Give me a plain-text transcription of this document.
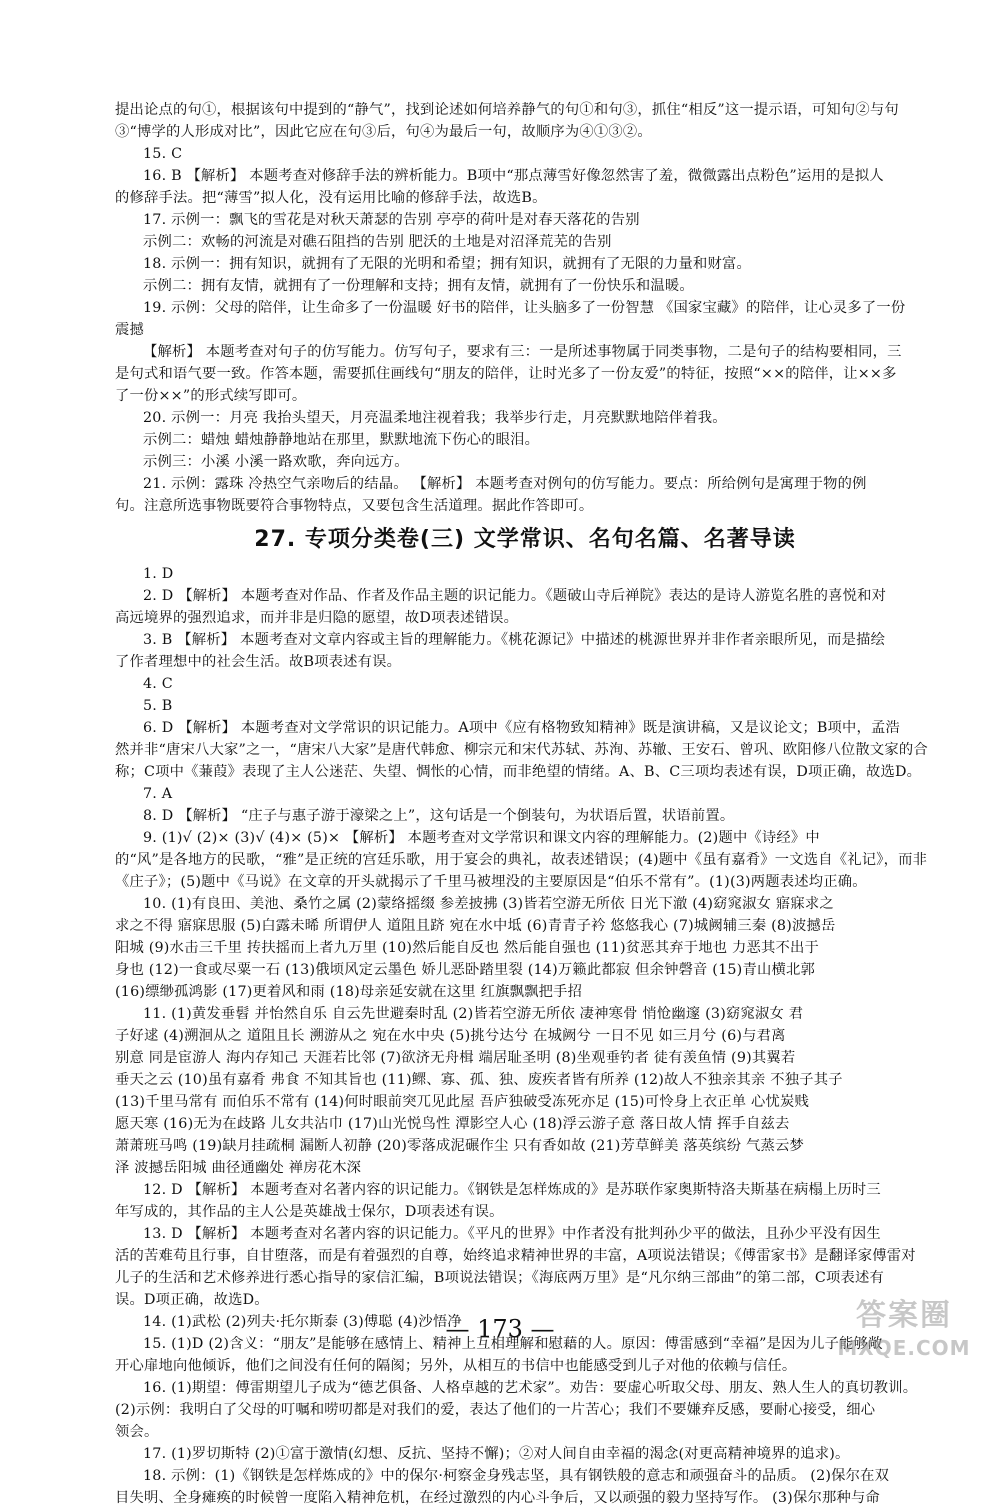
提出论点的句①，根据该句中提到的“静气”，找到论述如何培养静气的句①和句③，抓住“相反”这一提示语，可知句②与句
③“博学的人形成对比”，因此它应在句③后，句④为最后一句，故顺序为④①③②。
15. C
16. B 【解析】 本题考查对修辞手法的辨析能力。B项中“那点薄雪好像忽然害了羞，微微露出点粉色”运用的是拟人
的修辞手法。把“薄雪”拟人化，没有运用比喻的修辞手法，故选B。
17. 示例一：飘飞的雪花是对秋天萧瑟的告别 亭亭的荷叶是对春天落花的告别
示例二：欢畅的河流是对礁石阻挡的告别 肥沃的土地是对沼泽荒芜的告别
18. 示例一：拥有知识，就拥有了无限的光明和希望；拥有知识，就拥有了无限的力量和财富。
示例二：拥有友情，就拥有了一份理解和支持；拥有友情，就拥有了一份快乐和温暖。
19. 示例：父母的陪伴，让生命多了一份温暖 好书的陪伴，让头脑多了一份智慧 《国家宝藏》的陪伴，让心灵多了一份
震撼
【解析】 本题考查对句子的仿写能力。仿写句子，要求有三：一是所述事物属于同类事物，二是句子的结构要相同，三
是句式和语气要一致。作答本题，需要抓住画线句“朋友的陪伴，让时光多了一份友爱”的特征，按照“××的陪伴，让××多
了一份××”的形式续写即可。
20. 示例一：月亮 我抬头望天，月亮温柔地注视着我；我举步行走，月亮默默地陪伴着我。
示例二：蜡烛 蜡烛静静地站在那里，默默地流下伤心的眼泪。
示例三：小溪 小溪一路欢歌，奔向远方。
21. 示例：露珠 冷热空气亲吻后的结晶。 【解析】 本题考查对例句的仿写能力。要点：所给例句是寓理于物的例
句。注意所选事物既要符合事物特点，又要包含生活道理。据此作答即可。
27. 专项分类卷(三) 文学常识、名句名篇、名著导读
1. D
2. D 【解析】 本题考查对作品、作者及作品主题的识记能力。《题破山寺后禅院》表达的是诗人游览名胜的喜悦和对
高远境界的强烈追求，而并非是归隐的愿望，故D项表述错误。
3. B 【解析】 本题考查对文章内容或主旨的理解能力。《桃花源记》中描述的桃源世界并非作者亲眼所见，而是描绘
了作者理想中的社会生活。故B项表述有误。
4. C
5. B
6. D 【解析】 本题考查对文学常识的识记能力。A项中《应有格物致知精神》既是演讲稿，又是议论文；B项中，孟浩
然并非“唐宋八大家”之一，“唐宋八大家”是唐代韩愈、柳宗元和宋代苏轼、苏洵、苏辙、王安石、曾巩、欧阳修八位散文家的合
称；C项中《蒹葭》表现了主人公迷茫、失望、惆怅的心情，而非绝望的情绪。A、B、C三项均表述有误，D项正确，故选D。
7. A
8. D 【解析】 “庄子与惠子游于濠梁之上”，这句话是一个倒装句，为状语后置，状语前置。
9. (1)√ (2)× (3)√ (4)× (5)× 【解析】 本题考查对文学常识和课文内容的理解能力。(2)题中《诗经》中
的“风”是各地方的民歌，“雅”是正统的宫廷乐歌，用于宴会的典礼，故表述错误；(4)题中《虽有嘉肴》一文选自《礼记》，而非
《庄子》；(5)题中《马说》在文章的开头就揭示了千里马被埋没的主要原因是“伯乐不常有”。(1)(3)两题表述均正确。
10. (1)有良田、美池、桑竹之属 (2)蒙络摇缀 参差披拂 (3)皆若空游无所依 日光下澈 (4)窈窕淑女 寤寐求之
求之不得 寤寐思服 (5)白露未晞 所谓伊人 道阻且跻 宛在水中坻 (6)青青子衿 悠悠我心 (7)城阙辅三秦 (8)波撼岳
阳城 (9)水击三千里 抟扶摇而上者九万里 (10)然后能自反也 然后能自强也 (11)贫恶其弃于地也 力恶其不出于
身也 (12)一食或尽粟一石 (13)俄顷风定云墨色 娇儿恶卧踏里裂 (14)万籁此都寂 但余钟磬音 (15)青山横北郭
(16)缥缈孤鸿影 (17)更着风和雨 (18)母亲延安就在这里 红旗飘飘把手招
11. (1)黄发垂髫 并怡然自乐 自云先世避秦时乱 (2)皆若空游无所依 凄神寒骨 悄怆幽邃 (3)窈窕淑女 君
子好逑 (4)溯洄从之 道阻且长 溯游从之 宛在水中央 (5)挑兮达兮 在城阙兮 一日不见 如三月兮 (6)与君离
别意 同是宦游人 海内存知己 天涯若比邻 (7)欲济无舟楫 端居耻圣明 (8)坐观垂钓者 徒有羡鱼情 (9)其翼若
垂天之云 (10)虽有嘉肴 弗食 不知其旨也 (11)鳏、寡、孤、独、废疾者皆有所养 (12)故人不独亲其亲 不独子其子
(13)千里马常有 而伯乐不常有 (14)何时眼前突兀见此屋 吾庐独破受冻死亦足 (15)可怜身上衣正单 心忧炭贱
愿天寒 (16)无为在歧路 儿女共沾巾 (17)山光悦鸟性 潭影空人心 (18)浮云游子意 落日故人情 挥手自兹去
萧萧班马鸣 (19)缺月挂疏桐 漏断人初静 (20)零落成泥碾作尘 只有香如故 (21)芳草鲜美 落英缤纷 气蒸云梦
泽 波撼岳阳城 曲径通幽处 禅房花木深
12. D 【解析】 本题考查对名著内容的识记能力。《钢铁是怎样炼成的》是苏联作家奥斯特洛夫斯基在病榻上历时三
年写成的，其作品的主人公是英雄战士保尔，D项表述有误。
13. D 【解析】 本题考查对名著内容的识记能力。《平凡的世界》中作者没有批判孙少平的做法，且孙少平没有因生
活的苦难苟且行事，自甘堕落，而是有着强烈的自尊，始终追求精神世界的丰富，A项说法错误；《傅雷家书》是翻译家傅雷对
儿子的生活和艺术修养进行悉心指导的家信汇编，B项说法错误；《海底两万里》是“凡尔纳三部曲”的第二部，C项表述有
误。D项正确，故选D。
14. (1)武松 (2)列夫·托尔斯泰 (3)傅聪 (4)沙悟净
15. (1)D (2)含义：“朋友”是能够在感情上、精神上互相理解和慰藉的人。原因：傅雷感到“幸福”是因为儿子能够敞
开心扉地向他倾诉，他们之间没有任何的隔阂；另外，从相互的书信中也能感受到儿子对他的依赖与信任。
16. (1)期望：傅雷期望儿子成为“德艺俱备、人格卓越的艺术家”。劝告：要虚心听取父母、朋友、熟人生人的真切教训。
(2)示例：我明白了父母的叮嘱和唠叨都是对我们的爱，表达了他们的一片苦心；我们不要嫌弃反感，要耐心接受，细心
领会。
17. (1)罗切斯特 (2)①富于激情(幻想、反抗、坚持不懈)；②对人间自由幸福的渴念(对更高精神境界的追求)。
18. 示例：(1)《钢铁是怎样炼成的》中的保尔·柯察金身残志坚，具有钢铁般的意志和顽强奋斗的品质。 (2)保尔在双
目失明、全身瘫痪的时候曾一度陷入精神危机，在经过激烈的内心斗争后，又以顽强的毅力坚持写作。 (3)保尔那种与命
— 173 —	答案圈
MXQE.COM
